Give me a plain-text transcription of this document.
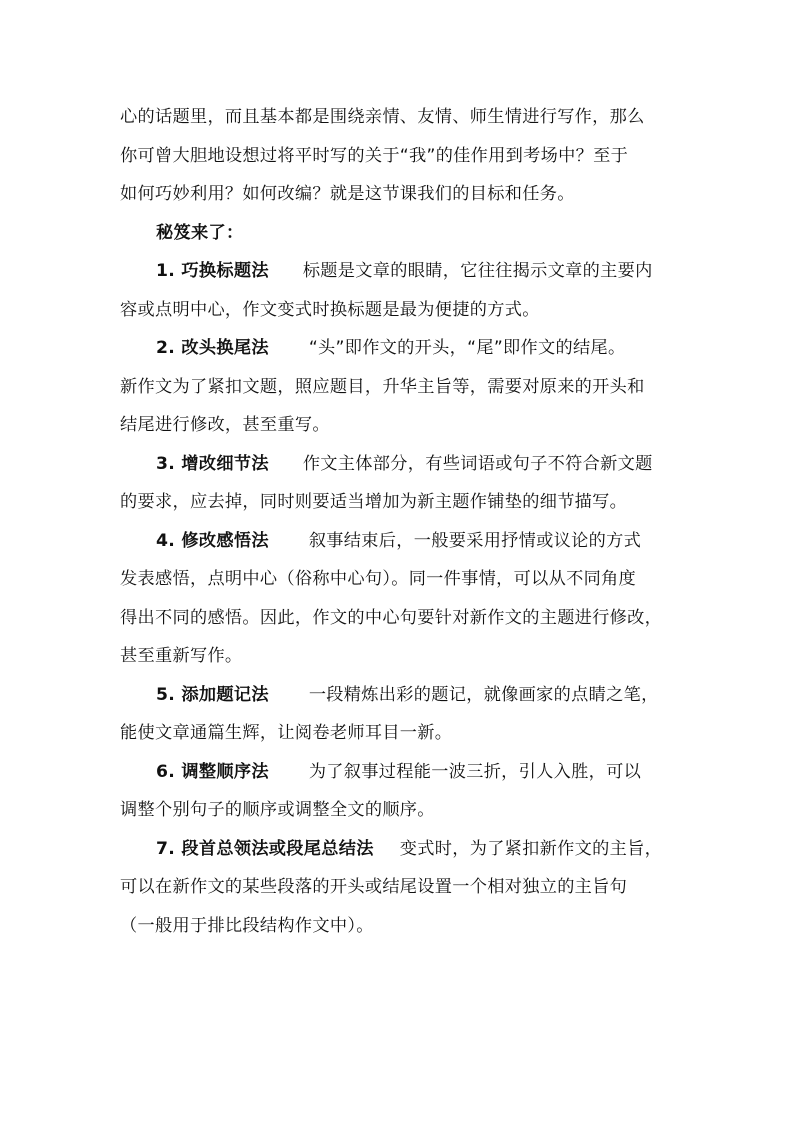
心的话题里，而且基本都是围绕亲情、友情、师生情进行写作，那么
你可曾大胆地设想过将平时写的关于“我”的佳作用到考场中？至于
如何巧妙利用？如何改编？就是这节课我们的目标和任务。
秘笈来了：
1. 巧换标题法 标题是文章的眼睛，它往往揭示文章的主要内
容或点明中心，作文变式时换标题是最为便捷的方式。
2. 改头换尾法 “头”即作文的开头，“尾”即作文的结尾。
新作文为了紧扣文题，照应题目，升华主旨等，需要对原来的开头和
结尾进行修改，甚至重写。
3. 增改细节法 作文主体部分，有些词语或句子不符合新文题
的要求，应去掉，同时则要适当增加为新主题作铺垫的细节描写。
4. 修改感悟法 叙事结束后，一般要采用抒情或议论的方式
发表感悟，点明中心（俗称中心句）。同一件事情，可以从不同角度
得出不同的感悟。因此，作文的中心句要针对新作文的主题进行修改，
甚至重新写作。
5. 添加题记法 一段精炼出彩的题记，就像画家的点睛之笔，
能使文章通篇生辉，让阅卷老师耳目一新。
6. 调整顺序法 为了叙事过程能一波三折，引人入胜，可以
调整个别句子的顺序或调整全文的顺序。
7. 段首总领法或段尾总结法 变式时，为了紧扣新作文的主旨，
可以在新作文的某些段落的开头或结尾设置一个相对独立的主旨句
（一般用于排比段结构作文中）。
